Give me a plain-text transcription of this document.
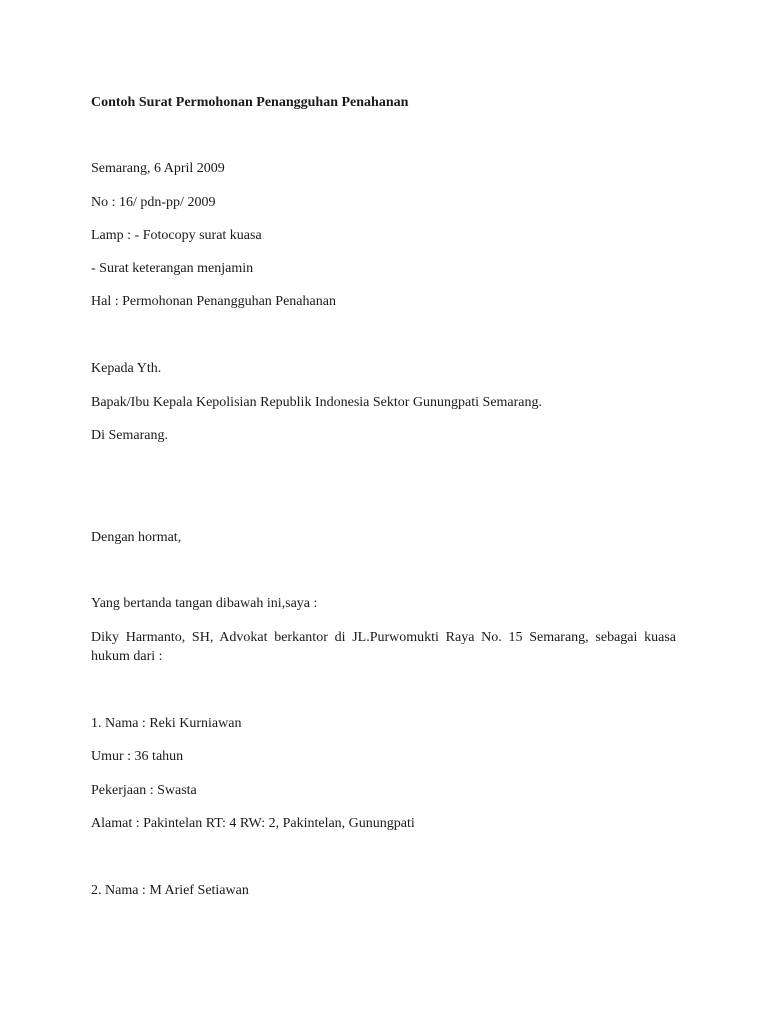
Contoh Surat Permohonan Penangguhan Penahanan

Semarang, 6 April 2009

No : 16/ pdn-pp/ 2009

Lamp : - Fotocopy surat kuasa

- Surat keterangan menjamin

Hal : Permohonan Penangguhan Penahanan

Kepada Yth.

Bapak/Ibu Kepala Kepolisian Republik Indonesia Sektor Gunungpati Semarang.

Di Semarang.

Dengan hormat,

Yang bertanda tangan dibawah ini,saya :

Diky Harmanto, SH, Advokat berkantor di JL.Purwomukti Raya No. 15 Semarang, sebagai kuasa hukum dari :

1. Nama : Reki Kurniawan

Umur : 36 tahun

Pekerjaan : Swasta

Alamat : Pakintelan RT: 4 RW: 2, Pakintelan, Gunungpati

2. Nama : M Arief Setiawan
